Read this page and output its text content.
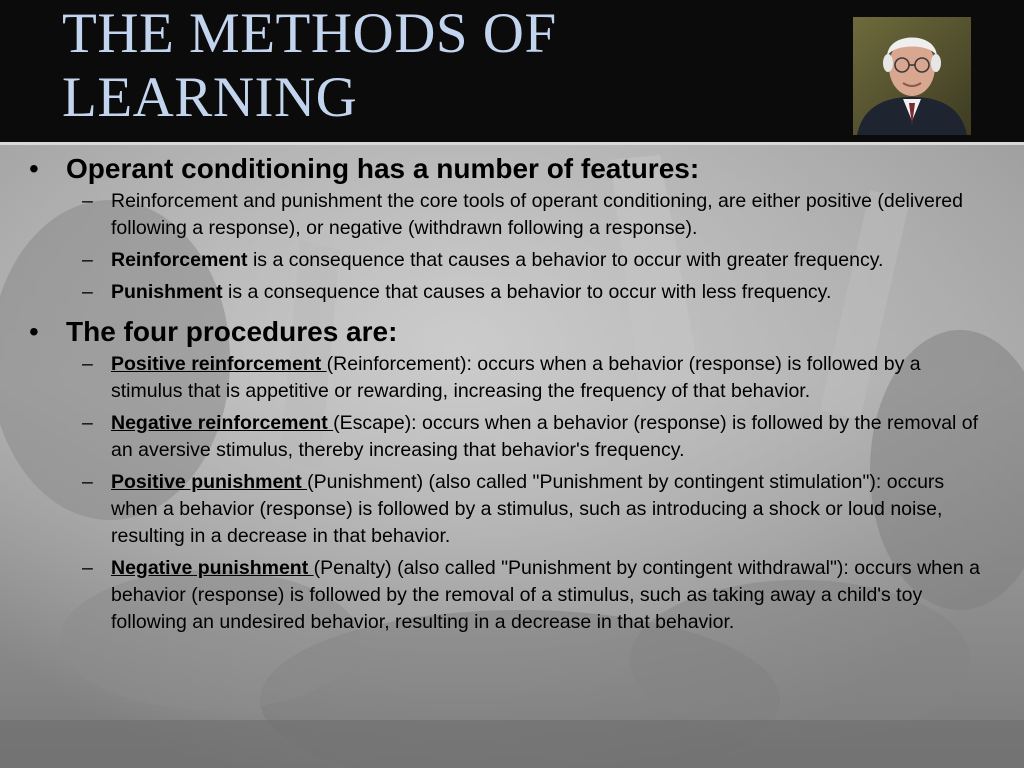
THE METHODS OF
LEARNING
• Operant conditioning has a number of features:
– Reinforcement and punishment the core tools of operant conditioning, are either positive (delivered following a response), or negative (withdrawn following a response).
– Reinforcement is a consequence that causes a behavior to occur with greater frequency.
– Punishment is a consequence that causes a behavior to occur with less frequency.
• The four procedures are:
– Positive reinforcement (Reinforcement): occurs when a behavior (response) is followed by a stimulus that is appetitive or rewarding, increasing the frequency of that behavior.
– Negative reinforcement (Escape): occurs when a behavior (response) is followed by the removal of an aversive stimulus, thereby increasing that behavior's frequency.
– Positive punishment (Punishment) (also called "Punishment by contingent stimulation"): occurs when a behavior (response) is followed by a stimulus, such as introducing a shock or loud noise, resulting in a decrease in that behavior.
– Negative punishment (Penalty) (also called "Punishment by contingent withdrawal"): occurs when a behavior (response) is followed by the removal of a stimulus, such as taking away a child's toy following an undesired behavior, resulting in a decrease in that behavior.
